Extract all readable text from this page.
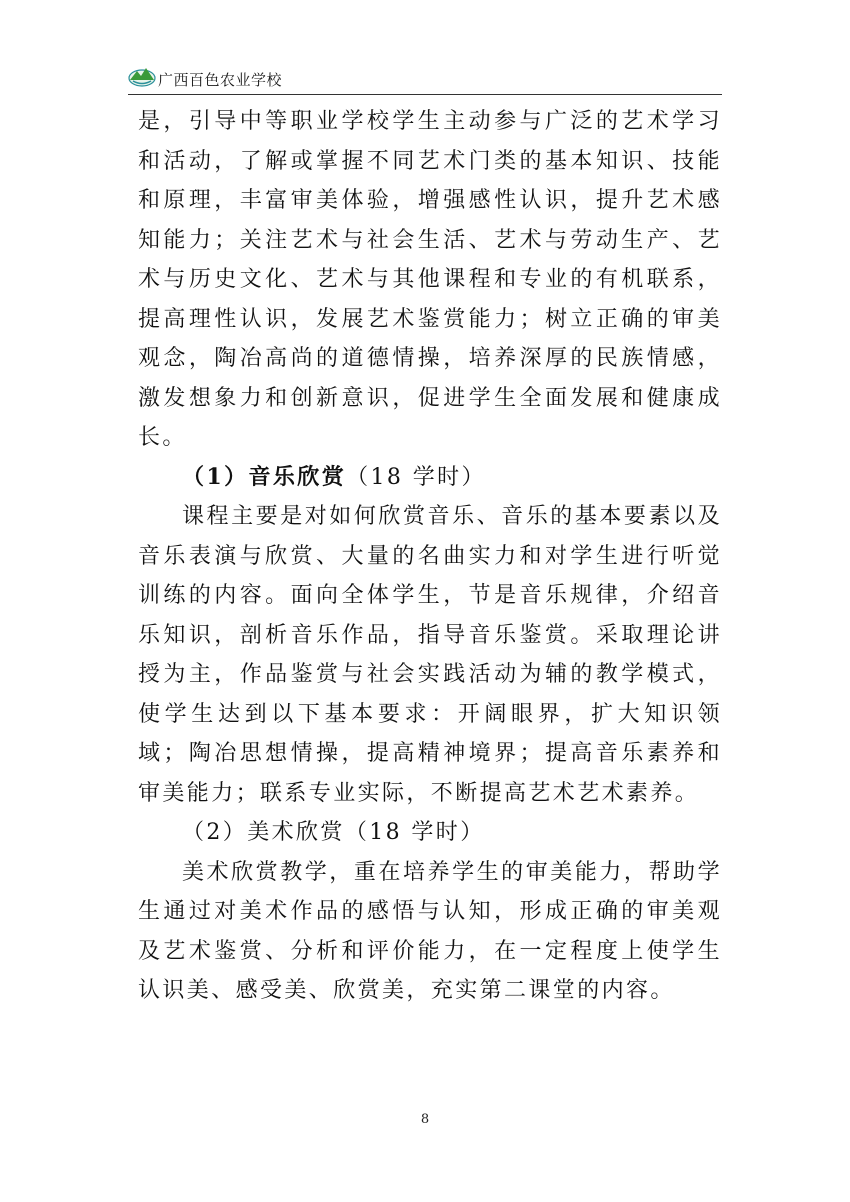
广西百色农业学校

是，引导中等职业学校学生主动参与广泛的艺术学习和活动，了解或掌握不同艺术门类的基本知识、技能和原理，丰富审美体验，增强感性认识，提升艺术感知能力；关注艺术与社会生活、艺术与劳动生产、艺术与历史文化、艺术与其他课程和专业的有机联系，提高理性认识，发展艺术鉴赏能力；树立正确的审美观念，陶冶高尚的道德情操，培养深厚的民族情感，激发想象力和创新意识，促进学生全面发展和健康成长。

（1）音乐欣赏（18 学时）

课程主要是对如何欣赏音乐、音乐的基本要素以及音乐表演与欣赏、大量的名曲实力和对学生进行听觉训练的内容。面向全体学生，节是音乐规律，介绍音乐知识，剖析音乐作品，指导音乐鉴赏。采取理论讲授为主，作品鉴赏与社会实践活动为辅的教学模式，使学生达到以下基本要求：开阔眼界，扩大知识领域；陶冶思想情操，提高精神境界；提高音乐素养和审美能力；联系专业实际，不断提高艺术艺术素养。

（2）美术欣赏（18 学时）

美术欣赏教学，重在培养学生的审美能力，帮助学生通过对美术作品的感悟与认知，形成正确的审美观及艺术鉴赏、分析和评价能力，在一定程度上使学生认识美、感受美、欣赏美，充实第二课堂的内容。

8
